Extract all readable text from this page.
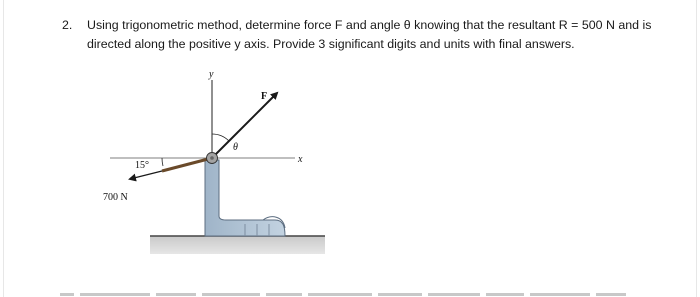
2. Using trigonometric method, determine force F and angle θ knowing that the resultant R = 500 N and is directed along the positive y axis. Provide 3 significant digits and units with final answers.
y
x
F
θ
15°
700 N
